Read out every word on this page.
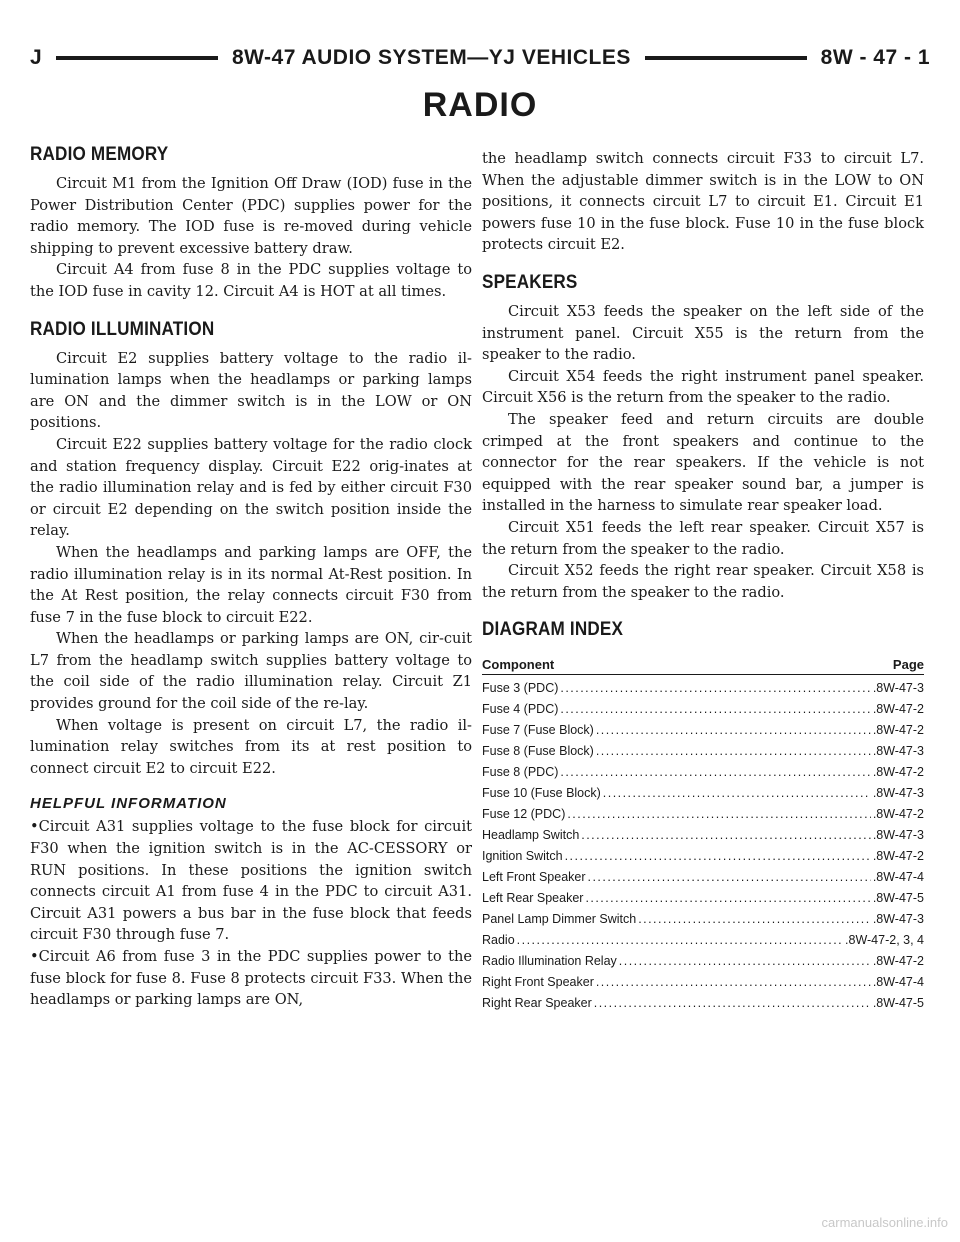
J	8W-47 AUDIO SYSTEM—YJ VEHICLES	8W - 47 - 1
RADIO
RADIO MEMORY

Circuit M1 from the Ignition Off Draw (IOD) fuse in the Power Distribution Center (PDC) supplies power for the radio memory. The IOD fuse is re-moved during vehicle shipping to prevent excessive battery draw.

Circuit A4 from fuse 8 in the PDC supplies voltage to the IOD fuse in cavity 12. Circuit A4 is HOT at all times.

RADIO ILLUMINATION

Circuit E2 supplies battery voltage to the radio il-lumination lamps when the headlamps or parking lamps are ON and the dimmer switch is in the LOW or ON positions.

Circuit E22 supplies battery voltage for the radio clock and station frequency display. Circuit E22 orig-inates at the radio illumination relay and is fed by either circuit F30 or circuit E2 depending on the switch position inside the relay.

When the headlamps and parking lamps are OFF, the radio illumination relay is in its normal At-Rest position. In the At Rest position, the relay connects circuit F30 from fuse 7 in the fuse block to circuit E22.

When the headlamps or parking lamps are ON, cir-cuit L7 from the headlamp switch supplies battery voltage to the coil side of the radio illumination relay. Circuit Z1 provides ground for the coil side of the re-lay.

When voltage is present on circuit L7, the radio il-lumination relay switches from its at rest position to connect circuit E2 to circuit E22.

HELPFUL INFORMATION

• Circuit A31 supplies voltage to the fuse block for circuit F30 when the ignition switch is in the AC-CESSORY or RUN positions. In these positions the ignition switch connects circuit A1 from fuse 4 in the PDC to circuit A31. Circuit A31 powers a bus bar in the fuse block that feeds circuit F30 through fuse 7.

• Circuit A6 from fuse 3 in the PDC supplies power to the fuse block for fuse 8. Fuse 8 protects circuit F33. When the headlamps or parking lamps are ON,

the headlamp switch connects circuit F33 to circuit L7. When the adjustable dimmer switch is in the LOW to ON positions, it connects circuit L7 to circuit E1. Circuit E1 powers fuse 10 in the fuse block. Fuse 10 in the fuse block protects circuit E2.

SPEAKERS

Circuit X53 feeds the speaker on the left side of the instrument panel. Circuit X55 is the return from the speaker to the radio.

Circuit X54 feeds the right instrument panel speaker. Circuit X56 is the return from the speaker to the radio.

The speaker feed and return circuits are double crimped at the front speakers and continue to the connector for the rear speakers. If the vehicle is not equipped with the rear speaker sound bar, a jumper is installed in the harness to simulate rear speaker load.

Circuit X51 feeds the left rear speaker. Circuit X57 is the return from the speaker to the radio.

Circuit X52 feeds the right rear speaker. Circuit X58 is the return from the speaker to the radio.

DIAGRAM INDEX
Component	Page
Fuse 3 (PDC) . . .	.8W-47-3
Fuse 4 (PDC) . . .	.8W-47-2
Fuse 7 (Fuse Block) . . .	.8W-47-2
Fuse 8 (Fuse Block) . . .	.8W-47-3
Fuse 8 (PDC) . . .	.8W-47-2
Fuse 10 (Fuse Block) . . .	.8W-47-3
Fuse 12 (PDC) . . .	.8W-47-2
Headlamp Switch . . .	.8W-47-3
Ignition Switch . . .	.8W-47-2
Left Front Speaker . . .	.8W-47-4
Left Rear Speaker . . .	.8W-47-5
Panel Lamp Dimmer Switch . . .	.8W-47-3
Radio . . .	.8W-47-2, 3, 4
Radio Illumination Relay . . .	.8W-47-2
Right Front Speaker . . .	.8W-47-4
Right Rear Speaker . . .	.8W-47-5
carmanualsonline.info
